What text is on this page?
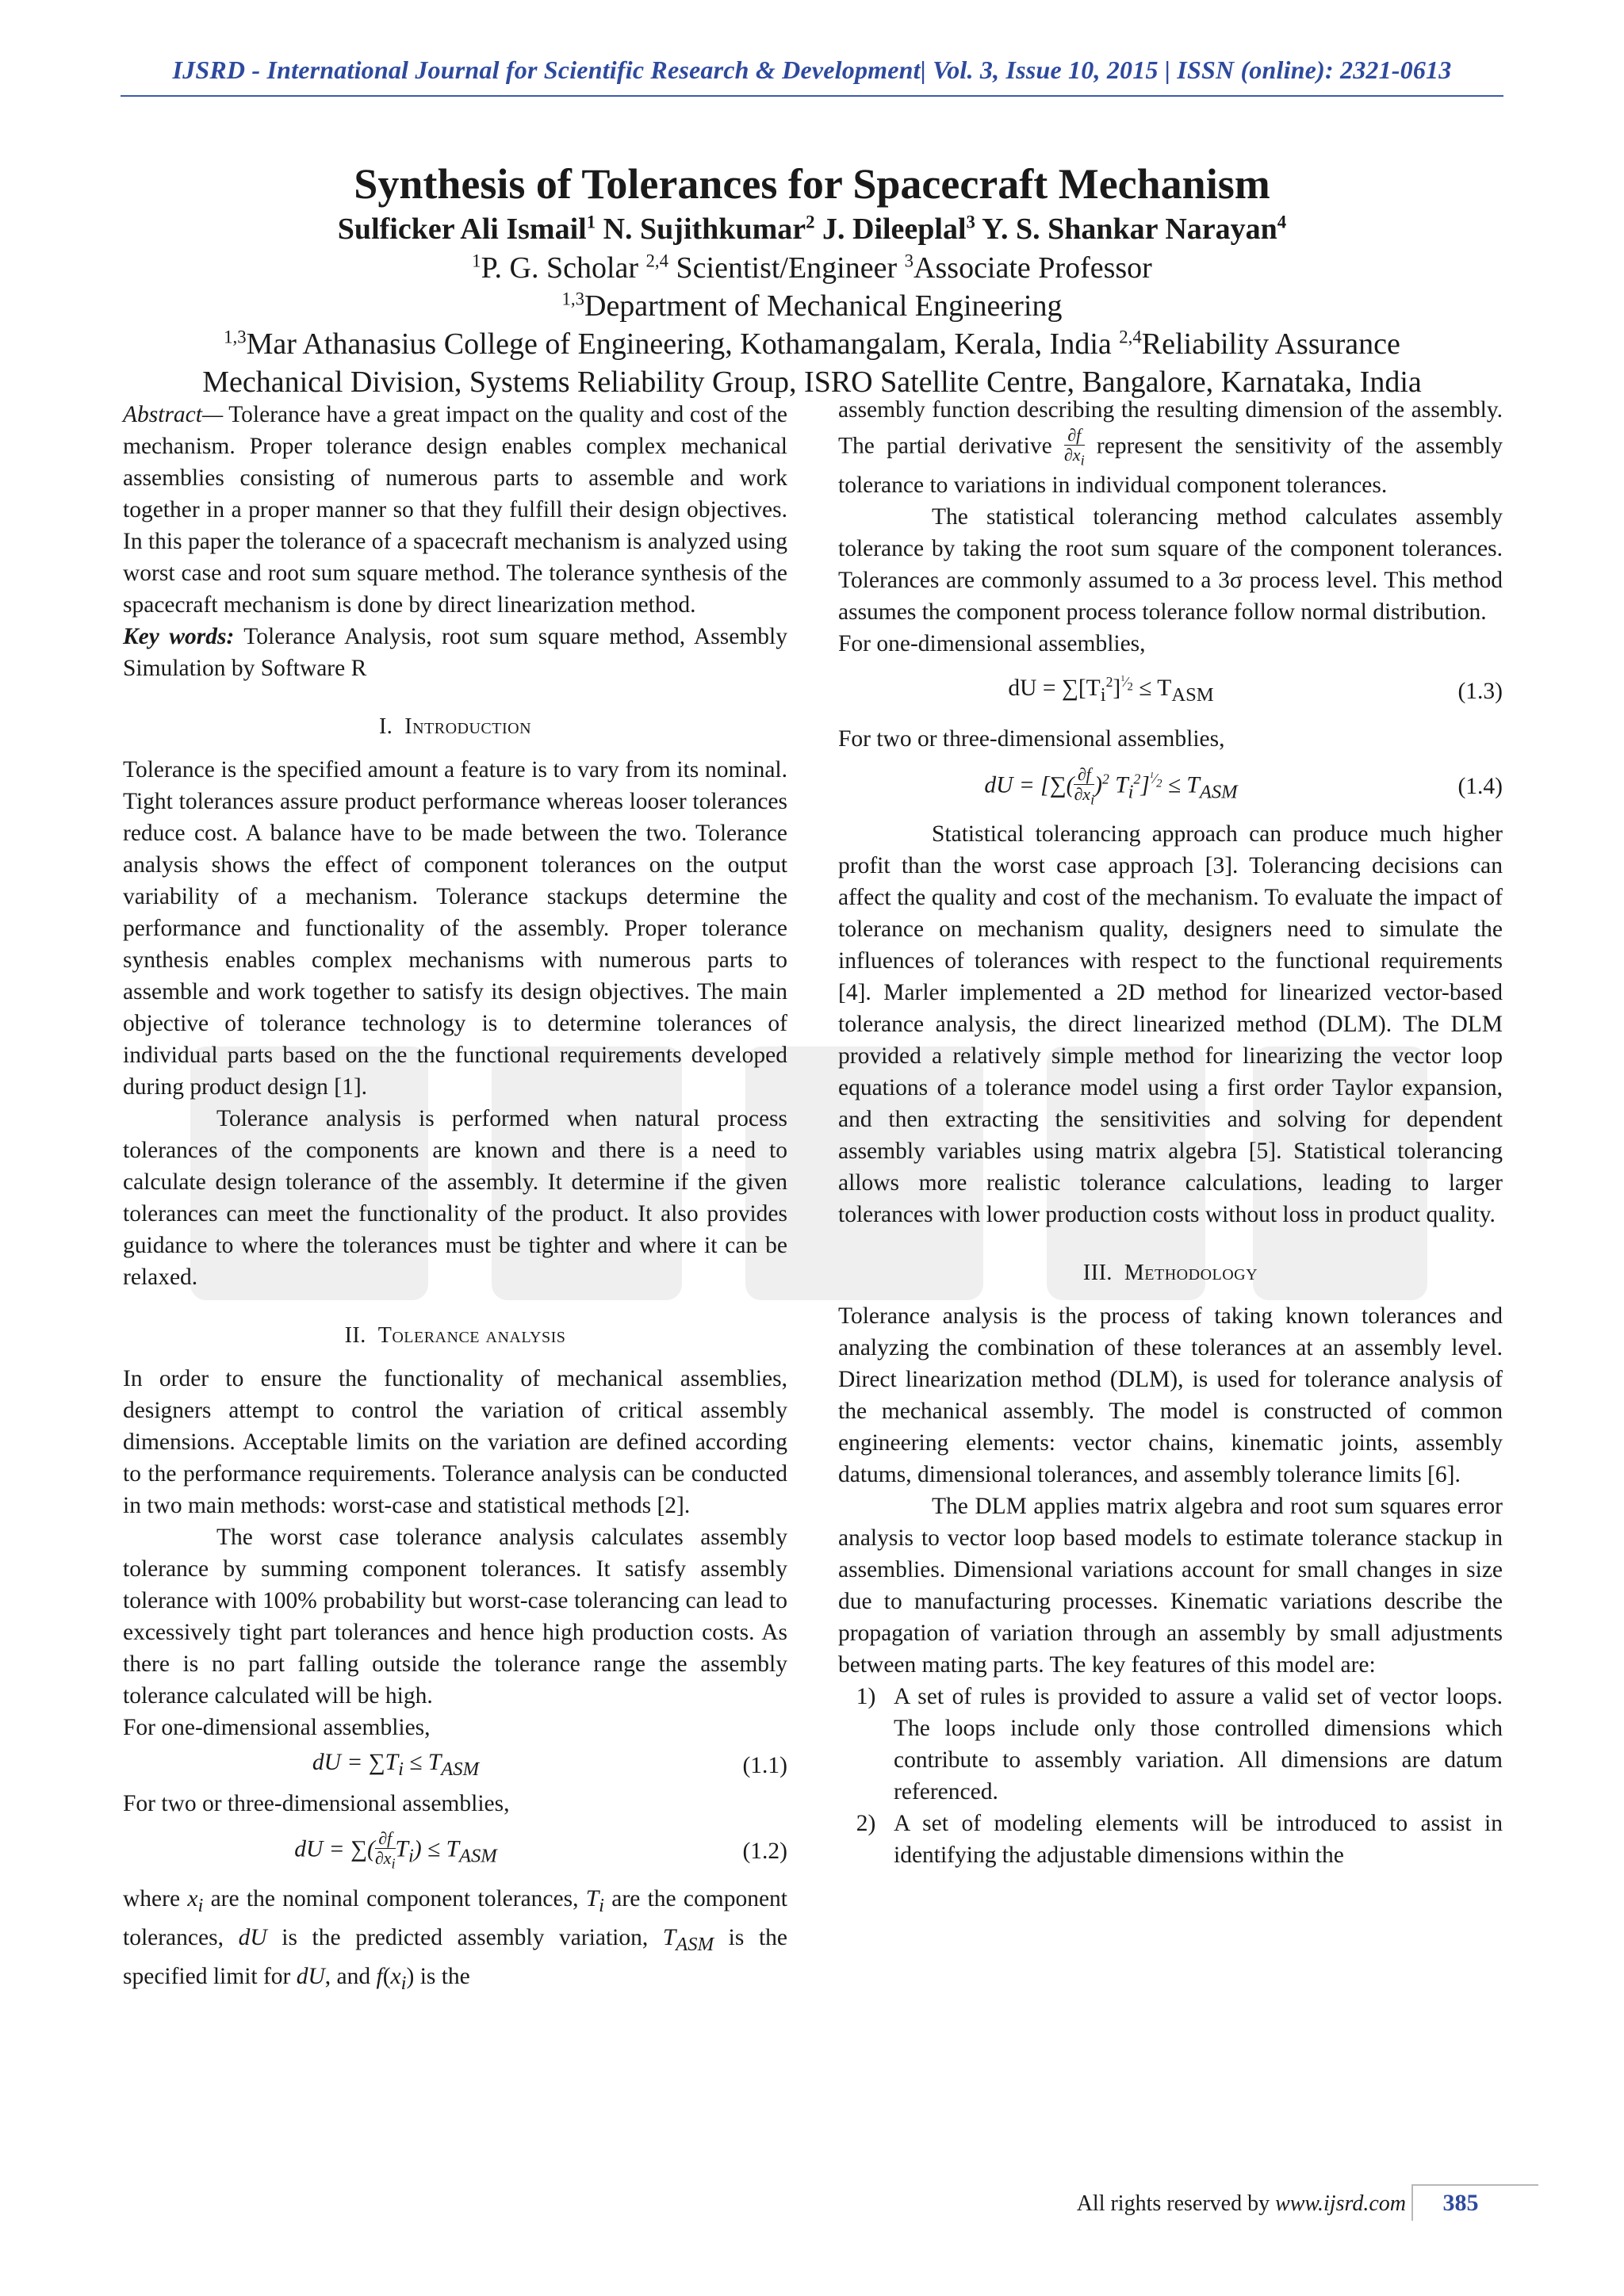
IJSRD - International Journal for Scientific Research & Development| Vol. 3, Issue 10, 2015 | ISSN (online): 2321-0613
Synthesis of Tolerances for Spacecraft Mechanism

Sulficker Ali Ismail$^1$ N. Sujithkumar$^2$ J. Dileeplal$^3$ Y. S. Shankar Narayan$^4$

$^1$P. G. Scholar $^{2,4}$ Scientist/Engineer $^3$Associate Professor

$^{1,3}$Department of Mechanical Engineering

$^{1,3}$Mar Athanasius College of Engineering, Kothamangalam, Kerala, India $^{2,4}$Reliability Assurance

Mechanical Division, Systems Reliability Group, ISRO Satellite Centre, Bangalore, Karnataka, India

Abstract— Tolerance have a great impact on the quality and cost of the mechanism. Proper tolerance design enables complex mechanical assemblies consisting of numerous parts to assemble and work together in a proper manner so that they fulfill their design objectives. In this paper the tolerance of a spacecraft mechanism is analyzed using worst case and root sum square method. The tolerance synthesis of the spacecraft mechanism is done by direct linearization method.

Key words: Tolerance Analysis, root sum square method, Assembly Simulation by Software R

I. Introduction

Tolerance is the specified amount a feature is to vary from its nominal. Tight tolerances assure product performance whereas looser tolerances reduce cost. A balance have to be made between the two. Tolerance analysis shows the effect of component tolerances on the output variability of a mechanism. Tolerance stackups determine the performance and functionality of the assembly. Proper tolerance synthesis enables complex mechanisms with numerous parts to assemble and work together to satisfy its design objectives. The main objective of tolerance technology is to determine tolerances of individual parts based on the the functional requirements developed during product design [1].

Tolerance analysis is performed when natural process tolerances of the components are known and there is a need to calculate design tolerance of the assembly. It determine if the given tolerances can meet the functionality of the product. It also provides guidance to where the tolerances must be tighter and where it can be relaxed.

II. Tolerance analysis

In order to ensure the functionality of mechanical assemblies, designers attempt to control the variation of critical assembly dimensions. Acceptable limits on the variation are defined according to the performance requirements. Tolerance analysis can be conducted in two main methods: worst-case and statistical methods [2].

The worst case tolerance analysis calculates assembly tolerance by summing component tolerances. It satisfy assembly tolerance with 100% probability but worst-case tolerancing can lead to excessively tight part tolerances and hence high production costs. As there is no part falling outside the tolerance range the assembly tolerance calculated will be high.

For one-dimensional assemblies,

dU = $\sum T_i \le T_{ASM}$	(1.1)

For two or three-dimensional assemblies,

dU = ∑( $\frac{\partial f}{\partial x_i} T_i) \le T_{ASM}$	(1.2)

where $x_i$ are the nominal component tolerances, $T_i$ are the component tolerances, dU is the predicted assembly variation, $T_{ASM}$ is the specified limit for dU, and $f(x_i)$ is the

assembly function describing the resulting dimension of the assembly. The partial derivative $\frac{\partial f}{\partial x_i}$ represent the sensitivity of the assembly tolerance to variations in individual component tolerances.

The statistical tolerancing method calculates assembly tolerance by taking the root sum square of the component tolerances. Tolerances are commonly assumed to a 3σ process level. This method assumes the component process tolerance follow normal distribution.

For one-dimensional assemblies,

dU = $\sum[T_i^2]^{^1⁄_2} \le T_{ASM}$	(1.3)

For two or three-dimensional assemblies,

dU = [∑( $\frac{\partial f}{\partial x_i} )^2$ $T_i^2]^{^1⁄_2} \le T_{ASM}$	(1.4)

Statistical tolerancing approach can produce much higher profit than the worst case approach [3]. Tolerancing decisions can affect the quality and cost of the mechanism. To evaluate the impact of tolerance on mechanism quality, designers need to simulate the influences of tolerances with respect to the functional requirements [4]. Marler implemented a 2D method for linearized vector-based tolerance analysis, the direct linearized method (DLM). The DLM provided a relatively simple method for linearizing the vector loop equations of a tolerance model using a first order Taylor expansion, and then extracting the sensitivities and solving for dependent assembly variables using matrix algebra [5]. Statistical tolerancing allows more realistic tolerance calculations, leading to larger tolerances with lower production costs without loss in product quality.

III. Methodology

Tolerance analysis is the process of taking known tolerances and analyzing the combination of these tolerances at an assembly level. Direct linearization method (DLM), is used for tolerance analysis of the mechanical assembly. The model is constructed of common engineering elements: vector chains, kinematic joints, assembly datums, dimensional tolerances, and assembly tolerance limits [6].

The DLM applies matrix algebra and root sum squares error analysis to vector loop based models to estimate tolerance stackup in assemblies. Dimensional variations account for small changes in size due to manufacturing processes. Kinematic variations describe the propagation of variation through an assembly by small adjustments between mating parts. The key features of this model are:

1) A set of rules is provided to assure a valid set of vector loops. The loops include only those controlled dimensions which contribute to assembly variation. All dimensions are datum referenced.
2) A set of modeling elements will be introduced to assist in identifying the adjustable dimensions within the
All rights reserved by www.ijsrd.com	385
